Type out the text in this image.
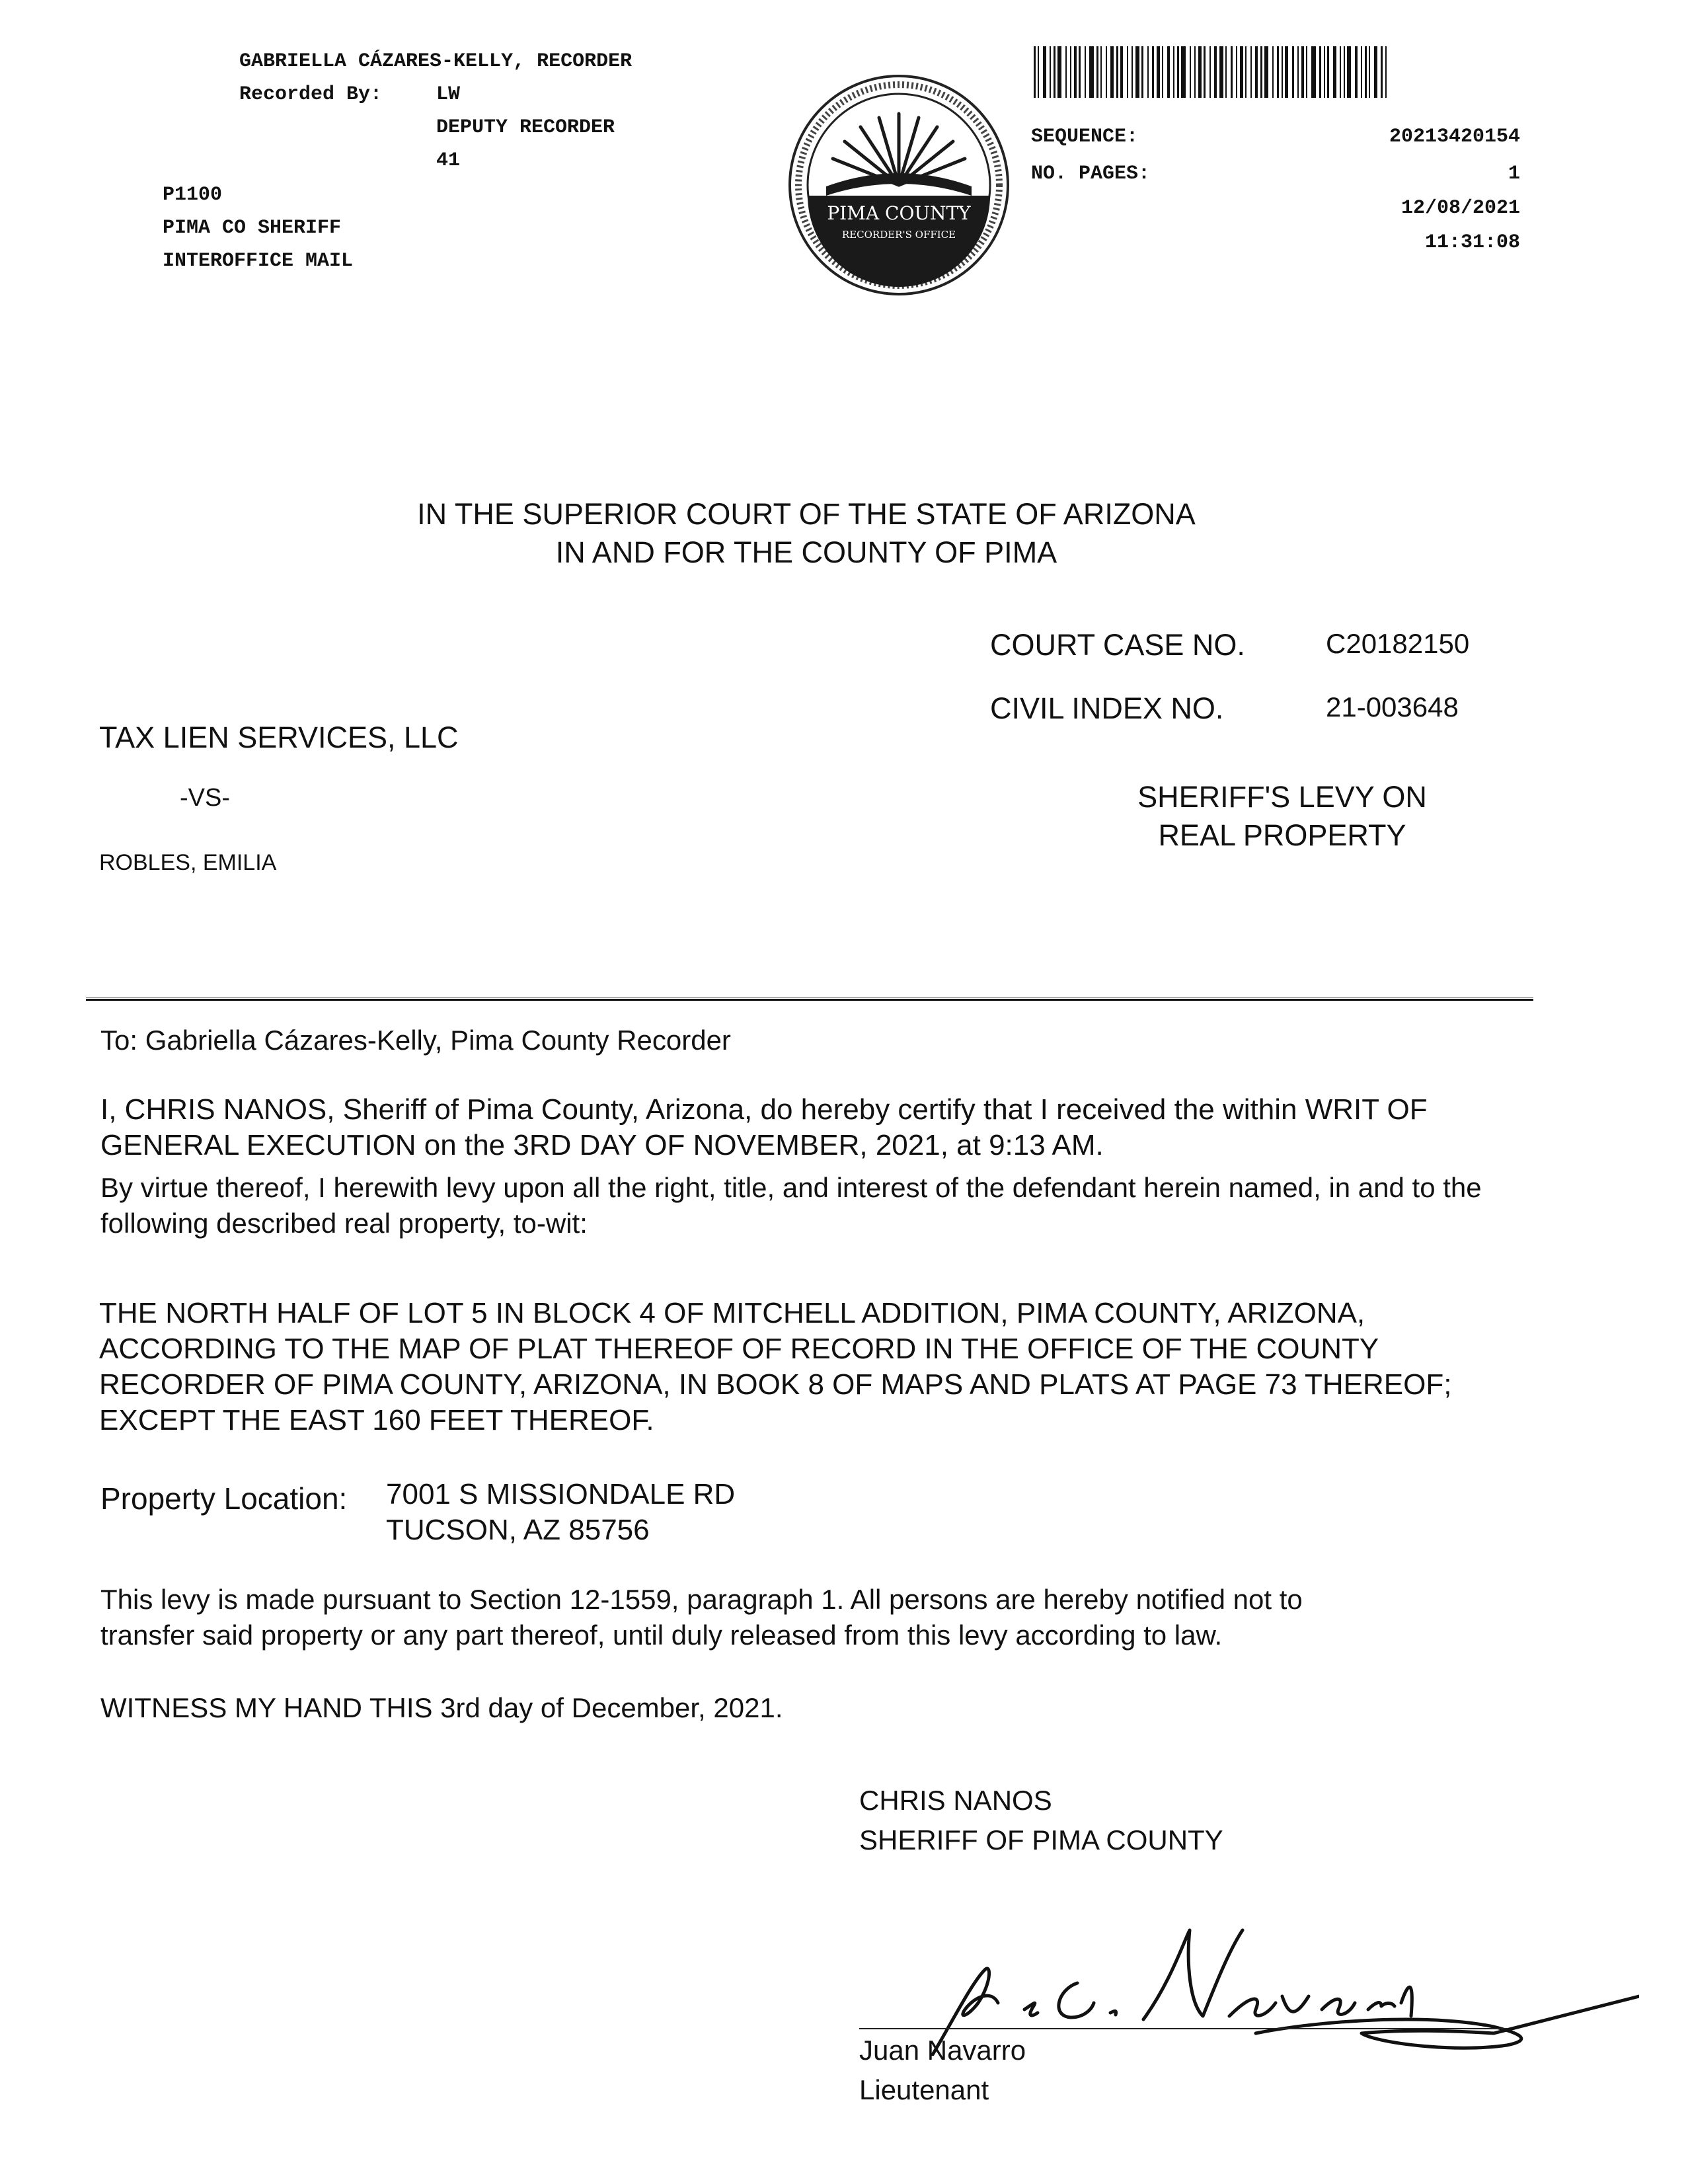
GABRIELLA CÁZARES-KELLY, RECORDER
Recorded By:	LW
DEPUTY RECORDER
41
P1100
PIMA CO SHERIFF
INTEROFFICE MAIL
PIMA COUNTY
RECORDER'S OFFICE
SEQUENCE:	20213420154
NO. PAGES:	1
12/08/2021
11:31:08
IN THE SUPERIOR COURT OF THE STATE OF ARIZONA
IN AND FOR THE COUNTY OF PIMA
COURT CASE NO.	C20182150
CIVIL INDEX NO.	21-003648
TAX LIEN SERVICES, LLC
-VS-
ROBLES, EMILIA
SHERIFF'S LEVY ON
REAL PROPERTY
To: Gabriella Cázares-Kelly, Pima County Recorder
I, CHRIS NANOS, Sheriff of Pima County, Arizona, do hereby certify that I received the within WRIT OF GENERAL EXECUTION on the 3RD DAY OF NOVEMBER, 2021, at 9:13 AM.
By virtue thereof, I herewith levy upon all the right, title, and interest of the defendant herein named, in and to the following described real property, to-wit:
THE NORTH HALF OF LOT 5 IN BLOCK 4 OF MITCHELL ADDITION, PIMA COUNTY, ARIZONA,
ACCORDING TO THE MAP OF PLAT THEREOF OF RECORD IN THE OFFICE OF THE COUNTY
RECORDER OF PIMA COUNTY, ARIZONA, IN BOOK 8 OF MAPS AND PLATS AT PAGE 73 THEREOF;
EXCEPT THE EAST 160 FEET THEREOF.
Property Location: 7001 S MISSIONDALE RD
TUCSON, AZ 85756
This levy is made pursuant to Section 12-1559, paragraph 1. All persons are hereby notified not to
transfer said property or any part thereof, until duly released from this levy according to law.
WITNESS MY HAND THIS 3rd day of December, 2021.
CHRIS NANOS
SHERIFF OF PIMA COUNTY
Juan Navarro
Lieutenant
